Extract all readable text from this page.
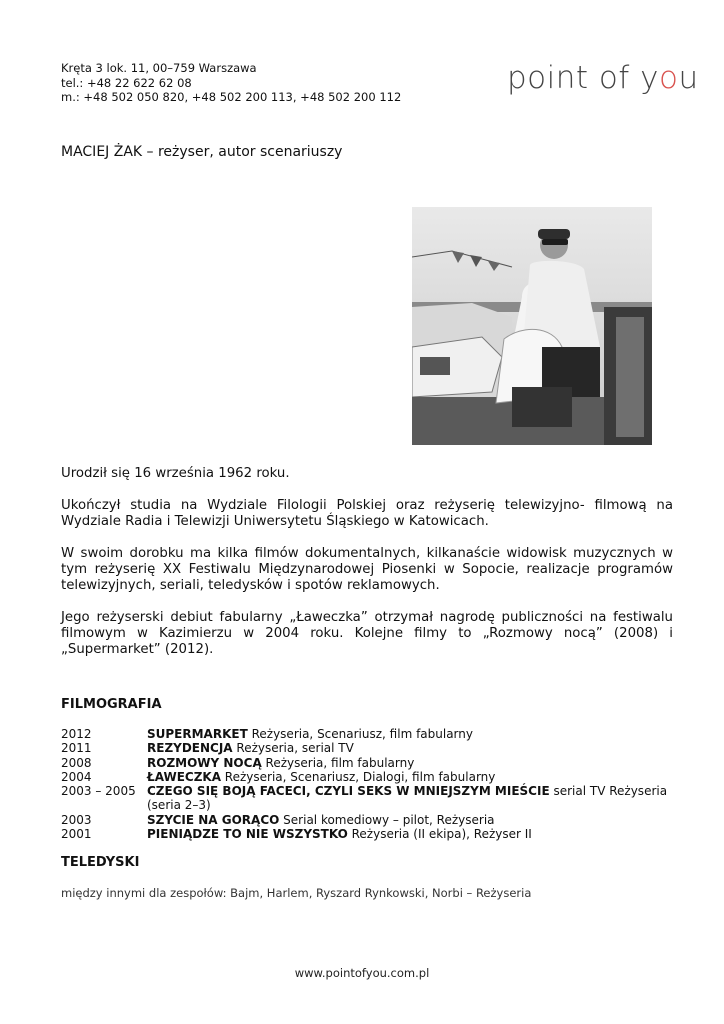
Kręta 3 lok. 11, 00–759 Warszawa
tel.: +48 22 622 62 08
m.: +48 502 050 820, +48 502 200 113, +48 502 200 112
point of you
MACIEJ ŻAK – reżyser, autor scenariuszy

Urodził się 16 września 1962 roku.

Ukończył studia na Wydziale Filologii Polskiej oraz reżyserię telewizyjno- filmową na Wydziale Radia i Telewizji Uniwersytetu Śląskiego w Katowicach.

W swoim dorobku ma kilka filmów dokumentalnych, kilkanaście widowisk muzycznych w tym reżyserię XX Festiwalu Międzynarodowej Piosenki w Sopocie, realizacje programów telewizyjnych, seriali, teledysków i spotów reklamowych.

Jego reżyserski debiut fabularny „Ławeczka” otrzymał nagrodę publiczności na festiwalu filmowym w Kazimierzu w 2004 roku. Kolejne filmy to „Rozmowy nocą” (2008) i „Supermarket” (2012).

FILMOGRAFIA
2012	SUPERMARKET Reżyseria, Scenariusz, film fabularny
2011	REZYDENCJA Reżyseria, serial TV
2008	ROZMOWY NOCĄ Reżyseria, film fabularny
2004	ŁAWECZKA Reżyseria, Scenariusz, Dialogi, film fabularny
2003 – 2005 CZEGO SIĘ BOJĄ FACECI, CZYLI SEKS W MNIEJSZYM MIEŚCIE serial TV Reżyseria (seria 2–3)
2003	SZYCIE NA GORĄCO Serial komediowy – pilot, Reżyseria
2001	PIENIĄDZE TO NIE WSZYSTKO Reżyseria (II ekipa), Reżyser II
TELEDYSKI
między innymi dla zespołów: Bajm, Harlem, Ryszard Rynkowski, Norbi – Reżyseria
www.pointofyou.com.pl
